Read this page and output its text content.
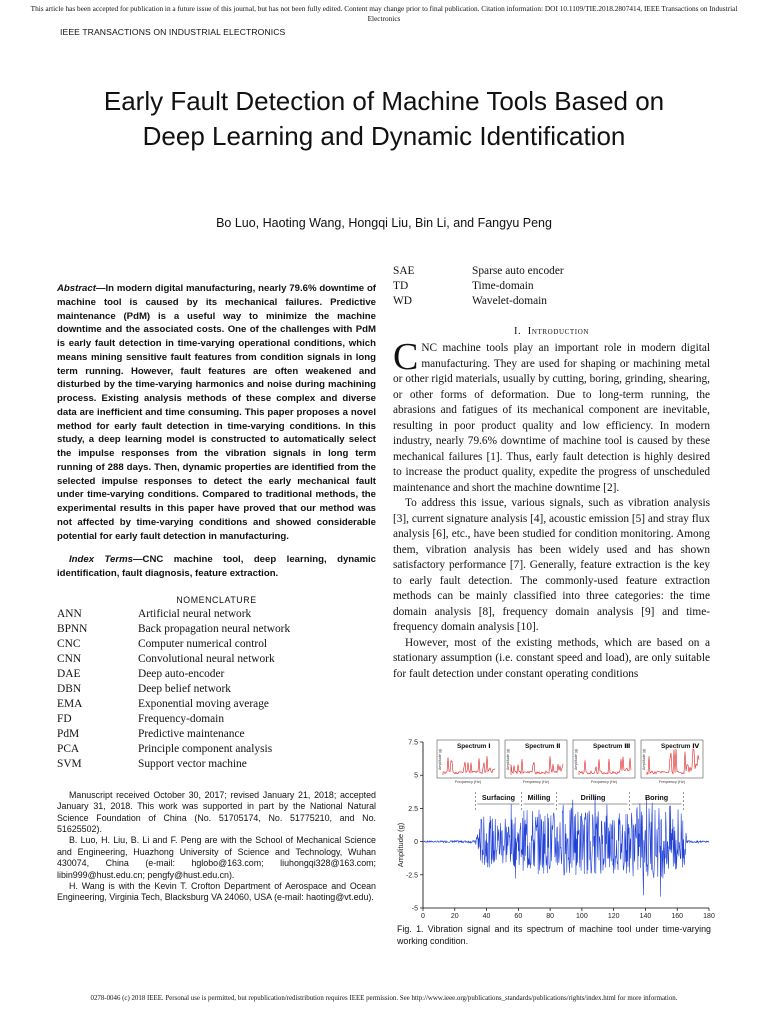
This article has been accepted for publication in a future issue of this journal, but has not been fully edited. Content may change prior to final publication. Citation information: DOI 10.1109/TIE.2018.2807414, IEEE Transactions on Industrial Electronics
IEEE TRANSACTIONS ON INDUSTRIAL ELECTRONICS
Early Fault Detection of Machine Tools Based on Deep Learning and Dynamic Identification
Bo Luo, Haoting Wang, Hongqi Liu, Bin Li, and Fangyu Peng

Abstract—In modern digital manufacturing, nearly 79.6% downtime of machine tool is caused by its mechanical failures. Predictive maintenance (PdM) is a useful way to minimize the machine downtime and the associated costs. One of the challenges with PdM is early fault detection in time-varying operational conditions, which means mining sensitive fault features from condition signals in long term running. However, fault features are often weakened and disturbed by the time-varying harmonics and noise during machining process. Existing analysis methods of these complex and diverse data are inefficient and time consuming. This paper proposes a novel method for early fault detection in time-varying conditions. In this study, a deep learning model is constructed to automatically select the impulse responses from the vibration signals in long term running of 288 days. Then, dynamic properties are identified from the selected impulse responses to detect the early mechanical fault under time-varying conditions. Compared to traditional methods, the experimental results in this paper have proved that our method was not affected by time-varying conditions and showed considerable potential for early fault detection in manufacturing.

Index Terms—CNC machine tool, deep learning, dynamic identification, fault diagnosis, feature extraction.

NOMENCLATURE
ANN	Artificial neural network
BPNN	Back propagation neural network
CNC	Computer numerical control
CNN	Convolutional neural network
DAE	Deep auto-encoder
DBN	Deep belief network
EMA	Exponential moving average
FD	Frequency-domain
PdM	Predictive maintenance
PCA	Principle component analysis
SVM	Support vector machine

Manuscript received October 30, 2017; revised January 21, 2018; accepted January 31, 2018. This work was supported in part by the National Natural Science Foundation of China (No. 51705174, No. 51775210, and No. 51625502).

B. Luo, H. Liu, B. Li and F. Peng are with the School of Mechanical Science and Engineering, Huazhong University of Science and Technology, Wuhan 430074, China (e-mail: hglobo@163.com; liuhongqi328@163.com; libin999@hust.edu.cn; pengfy@hust.edu.cn).

H. Wang is with the Kevin T. Crofton Department of Aerospace and Ocean Engineering, Virginia Tech, Blacksburg VA 24060, USA (e-mail: haoting@vt.edu).

SAE	Sparse auto encoder
TD	Time-domain
WD	Wavelet-domain
I. Introduction

CNC machine tools play an important role in modern digital manufacturing. They are used for shaping or machining metal or other rigid materials, usually by cutting, boring, grinding, shearing, or other forms of deformation. Due to long-term running, the abrasions and fatigues of its mechanical component are inevitable, resulting in poor product quality and low efficiency. In modern industry, nearly 79.6% downtime of machine tool is caused by these mechanical failures [1]. Thus, early fault detection is highly desired to increase the product quality, expedite the progress of unscheduled maintenance and short the machine downtime [2].

To address this issue, various signals, such as vibration analysis [3], current signature analysis [4], acoustic emission [5] and stray flux analysis [6], etc., have been studied for condition monitoring. Among them, vibration analysis has been widely used and has shown satisfactory performance [7]. Generally, feature extraction is the key to early fault detection. The commonly-used feature extraction methods can be mainly classified into three categories: the time domain analysis [8], frequency domain analysis [9] and time-frequency domain analysis [10].

However, most of the existing methods, which are based on a stationary assumption (i.e. constant speed and load), are only suitable for fault detection under constant operating conditions

7.5
5
2.5
0
-2.5
-5
0	20	40	60	80	100	120	140	160	180
Amplitude (g)
Surfacing Milling	Drilling	Boring
Spectrum Ⅰ
Amplitude (g)
Frequency (Hz)
Spectrum Ⅱ
Amplitude (g)
Frequency (Hz)
Spectrum Ⅲ
Amplitude (g)
Frequency (Hz)
Spectrum Ⅳ
Amplitude (g)
Frequency (Hz)
Fig. 1. Vibration signal and its spectrum of machine tool under time-varying working condition.
0278-0046 (c) 2018 IEEE. Personal use is permitted, but republication/redistribution requires IEEE permission. See http://www.ieee.org/publications_standards/publications/rights/index.html for more information.
